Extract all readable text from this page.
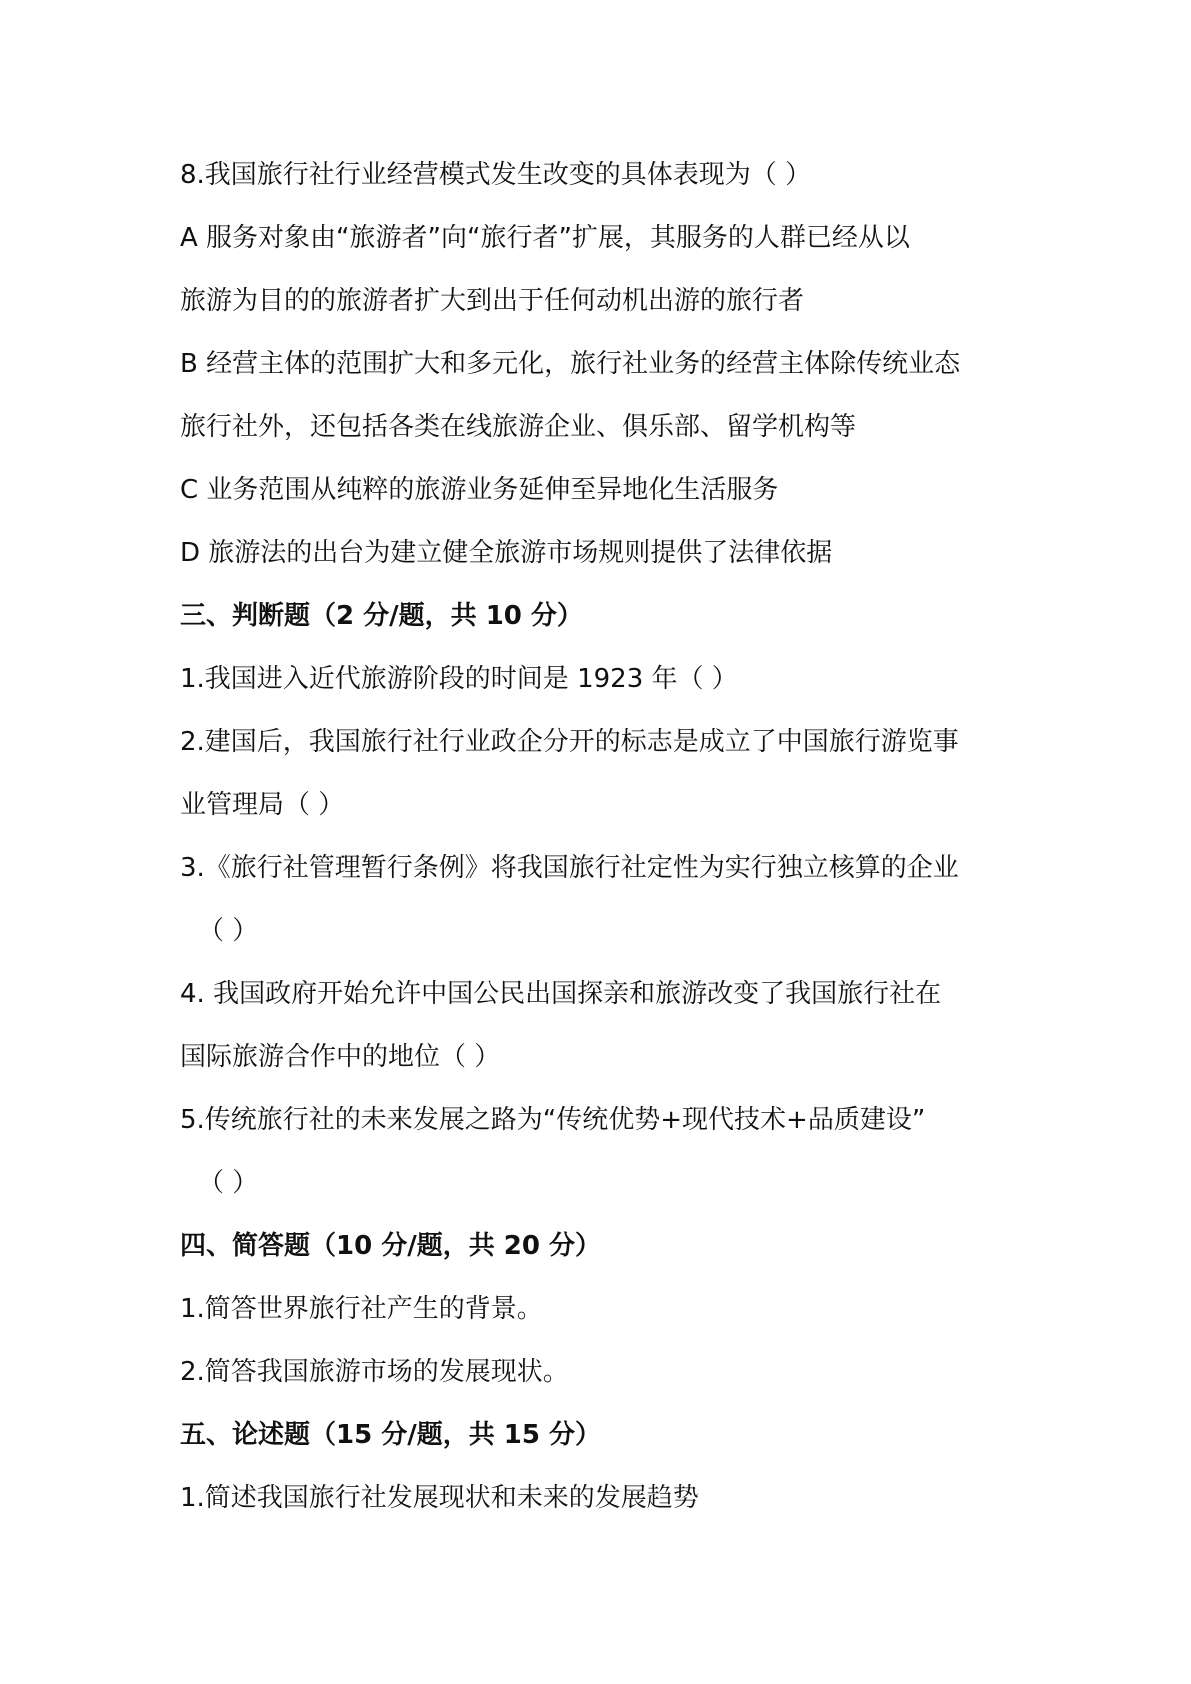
8.我国旅行社行业经营模式发生改变的具体表现为（ ）
A 服务对象由“旅游者”向“旅行者”扩展，其服务的人群已经从以
旅游为目的的旅游者扩大到出于任何动机出游的旅行者
B 经营主体的范围扩大和多元化，旅行社业务的经营主体除传统业态
旅行社外，还包括各类在线旅游企业、俱乐部、留学机构等
C 业务范围从纯粹的旅游业务延伸至异地化生活服务
D 旅游法的出台为建立健全旅游市场规则提供了法律依据
三、判断题（2 分/题，共 10 分）
1.我国进入近代旅游阶段的时间是 1923 年（ ）
2.建国后，我国旅行社行业政企分开的标志是成立了中国旅行游览事
业管理局（ ）
3.《旅行社管理暂行条例》将我国旅行社定性为实行独立核算的企业
（ ）
4. 我国政府开始允许中国公民出国探亲和旅游改变了我国旅行社在
国际旅游合作中的地位（ ）
5.传统旅行社的未来发展之路为“传统优势+现代技术+品质建设”
（ ）
四、简答题（10 分/题，共 20 分）
1.简答世界旅行社产生的背景。
2.简答我国旅游市场的发展现状。
五、论述题（15 分/题，共 15 分）
1.简述我国旅行社发展现状和未来的发展趋势
